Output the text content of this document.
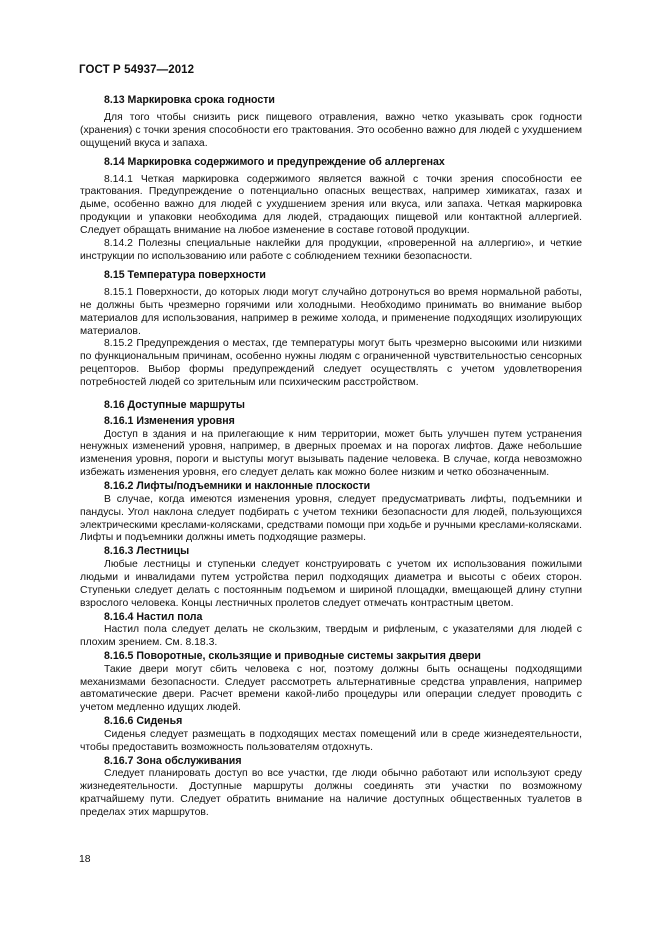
ГОСТ Р 54937—2012
8.13 Маркировка срока годности

Для того чтобы снизить риск пищевого отравления, важно четко указывать срок годности (хранения) с точки зрения способности его трактования. Это особенно важно для людей с ухудшением ощущений вкуса и запаха.

8.14 Маркировка содержимого и предупреждение об аллергенах

8.14.1 Четкая маркировка содержимого является важной с точки зрения способности ее трактования. Предупреждение о потенциально опасных веществах, например химикатах, газах и дыме, особенно важно для людей с ухудшением зрения или вкуса, или запаха. Четкая маркировка продукции и упаковки необходима для людей, страдающих пищевой или контактной аллергией. Следует обращать внимание на любое изменение в составе готовой продукции.

8.14.2 Полезны специальные наклейки для продукции, «проверенной на аллергию», и четкие инструкции по использованию или работе с соблюдением техники безопасности.

8.15 Температура поверхности

8.15.1 Поверхности, до которых люди могут случайно дотронуться во время нормальной работы, не должны быть чрезмерно горячими или холодными. Необходимо принимать во внимание выбор материалов для использования, например в режиме холода, и применение подходящих изолирующих материалов.

8.15.2 Предупреждения о местах, где температуры могут быть чрезмерно высокими или низкими по функциональным причинам, особенно нужны людям с ограниченной чувствительностью сенсорных рецепторов. Выбор формы предупреждений следует осуществлять с учетом удовлетворения потребностей людей со зрительным или психическим расстройством.

8.16 Доступные маршруты
8.16.1 Изменения уровня

Доступ в здания и на прилегающие к ним территории, может быть улучшен путем устранения ненужных изменений уровня, например, в дверных проемах и на порогах лифтов. Даже небольшие изменения уровня, пороги и выступы могут вызывать падение человека. В случае, когда невозможно избежать изменения уровня, его следует делать как можно более низким и четко обозначенным.

8.16.2 Лифты/подъемники и наклонные плоскости

В случае, когда имеются изменения уровня, следует предусматривать лифты, подъемники и пандусы. Угол наклона следует подбирать с учетом техники безопасности для людей, пользующихся электрическими креслами-колясками, средствами помощи при ходьбе и ручными креслами-колясками. Лифты и подъемники должны иметь подходящие размеры.

8.16.3 Лестницы

Любые лестницы и ступеньки следует конструировать с учетом их использования пожилыми людьми и инвалидами путем устройства перил подходящих диаметра и высоты с обеих сторон. Ступеньки следует делать с постоянным подъемом и шириной площадки, вмещающей длину ступни взрослого человека. Концы лестничных пролетов следует отмечать контрастным цветом.

8.16.4 Настил пола

Настил пола следует делать не скользким, твердым и рифленым, с указателями для людей с плохим зрением. См. 8.18.3.

8.16.5 Поворотные, скользящие и приводные системы закрытия двери

Такие двери могут сбить человека с ног, поэтому должны быть оснащены подходящими механизмами безопасности. Следует рассмотреть альтернативные средства управления, например автоматические двери. Расчет времени какой-либо процедуры или операции следует проводить с учетом медленно идущих людей.

8.16.6 Сиденья

Сиденья следует размещать в подходящих местах помещений или в среде жизнедеятельности, чтобы предоставить возможность пользователям отдохнуть.

8.16.7 Зона обслуживания

Следует планировать доступ во все участки, где люди обычно работают или используют среду жизнедеятельности. Доступные маршруты должны соединять эти участки по возможному кратчайшему пути. Следует обратить внимание на наличие доступных общественных туалетов в пределах этих маршрутов.

18
